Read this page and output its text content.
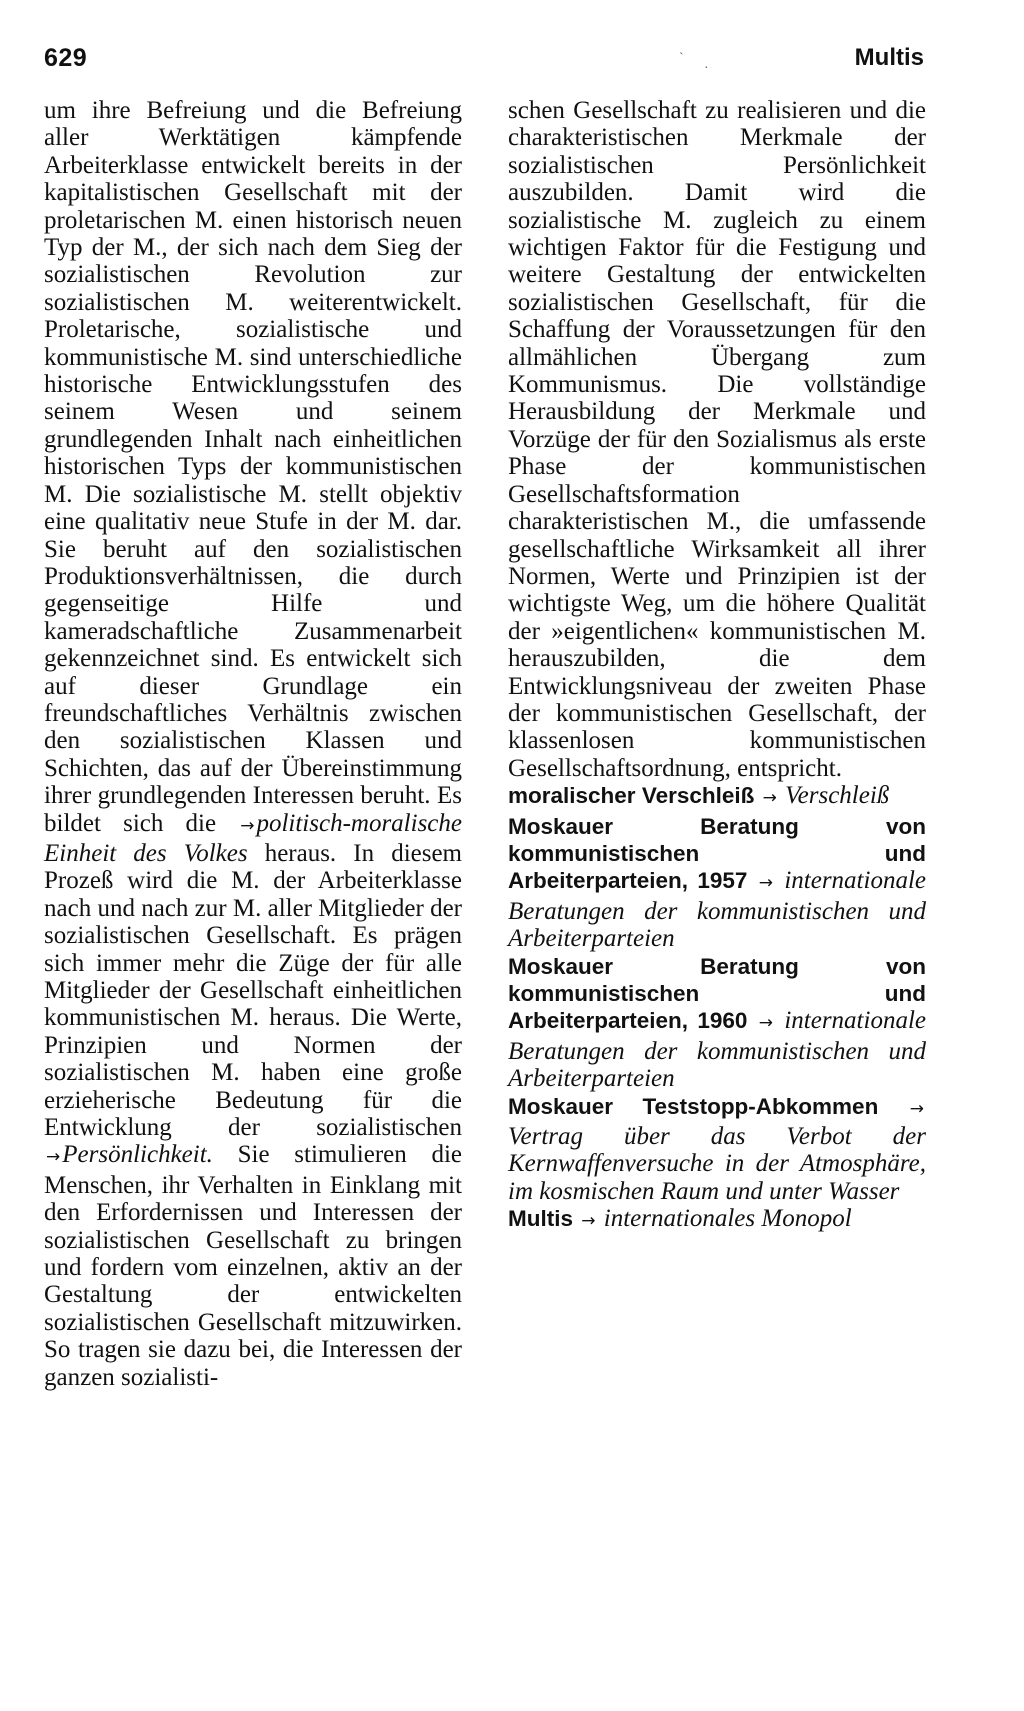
629	Multis
`
·

um ihre Befreiung und die Befreiung aller Werktätigen kämpfende Arbeiterklasse entwickelt bereits in der kapitalistischen Gesellschaft mit der proletarischen M. einen historisch neuen Typ der M., der sich nach dem Sieg der sozialistischen Revolution zur sozialistischen M. weiterentwickelt. Proletarische, sozialistische und kommunistische M. sind unterschiedliche historische Entwicklungsstufen des seinem Wesen und seinem grundlegenden Inhalt nach einheitlichen historischen Typs der kommunistischen M. Die sozialistische M. stellt objektiv eine qualitativ neue Stufe in der M. dar. Sie beruht auf den sozialistischen Produktionsverhältnissen, die durch gegenseitige Hilfe und kameradschaftliche Zusammenarbeit gekennzeichnet sind. Es entwickelt sich auf dieser Grundlage ein freundschaftliches Verhältnis zwischen den sozialistischen Klassen und Schichten, das auf der Übereinstimmung ihrer grundlegenden Interessen beruht. Es bildet sich die →politisch-moralische Einheit des Volkes heraus. In diesem Prozeß wird die M. der Arbeiterklasse nach und nach zur M. aller Mitglieder der sozialistischen Gesellschaft. Es prägen sich immer mehr die Züge der für alle Mitglieder der Gesellschaft einheitlichen kommunistischen M. heraus. Die Werte, Prinzipien und Normen der sozialistischen M. haben eine große erzieherische Bedeutung für die Entwicklung der sozialistischen →Persönlichkeit. Sie stimulieren die Menschen, ihr Verhalten in Einklang mit den Erfordernissen und Interessen der sozialistischen Gesellschaft zu bringen und fordern vom einzelnen, aktiv an der Gestaltung der entwickelten sozialistischen Gesellschaft mitzuwirken. So tragen sie dazu bei, die Interessen der ganzen sozialisti-

schen Gesellschaft zu realisieren und die charakteristischen Merkmale der sozialistischen Persönlichkeit auszubilden. Damit wird die sozialistische M. zugleich zu einem wichtigen Faktor für die Festigung und weitere Gestaltung der entwickelten sozialistischen Gesellschaft, für die Schaffung der Voraussetzungen für den allmählichen Übergang zum Kommunismus. Die vollständige Herausbildung der Merkmale und Vorzüge der für den Sozialismus als erste Phase der kommunistischen Gesellschaftsformation charakteristischen M., die umfassende gesellschaftliche Wirksamkeit all ihrer Normen, Werte und Prinzipien ist der wichtigste Weg, um die höhere Qualität der »eigentlichen« kommunistischen M. herauszubilden, die dem Entwicklungsniveau der zweiten Phase der kommunistischen Gesellschaft, der klassenlosen kommunistischen Gesellschaftsordnung, entspricht.

moralischer Verschleiß → Verschleiß

Moskauer Beratung von kommunistischen und Arbeiterparteien, 1957 → internationale Beratungen der kommunistischen und Arbeiterparteien

Moskauer Beratung von kommunistischen und Arbeiterparteien, 1960 → internationale Beratungen der kommunistischen und Arbeiterparteien

Moskauer Teststopp-Abkommen → Vertrag über das Verbot der Kernwaffenversuche in der Atmosphäre, im kosmischen Raum und unter Wasser

Multis → internationales Monopol
